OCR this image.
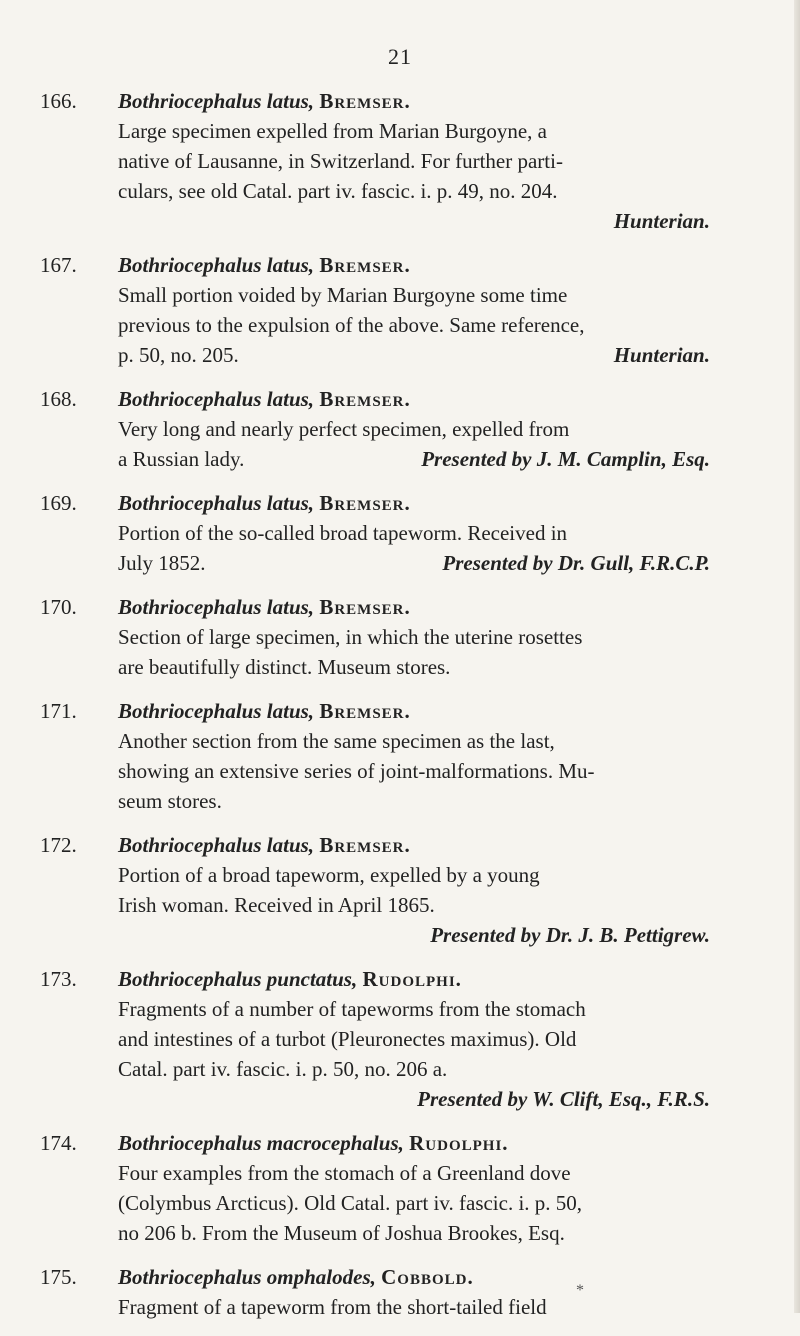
21
166. Bothriocephalus latus, Bremser.
Large specimen expelled from Marian Burgoyne, a
native of Lausanne, in Switzerland. For further parti-
culars, see old Catal. part iv. fascic. i. p. 49, no. 204.
Hunterian.
167. Bothriocephalus latus, Bremser.
Small portion voided by Marian Burgoyne some time
previous to the expulsion of the above. Same reference,
p. 50, no. 205.	Hunterian.
168. Bothriocephalus latus, Bremser.
Very long and nearly perfect specimen, expelled from
a Russian lady.	Presented by J. M. Camplin, Esq.
169. Bothriocephalus latus, Bremser.
Portion of the so-called broad tapeworm. Received in
July 1852.	Presented by Dr. Gull, F.R.C.P.
170. Bothriocephalus latus, Bremser.
Section of large specimen, in which the uterine rosettes
are beautifully distinct. Museum stores.
171. Bothriocephalus latus, Bremser.
Another section from the same specimen as the last,
showing an extensive series of joint-malformations. Mu-
seum stores.
172. Bothriocephalus latus, Bremser.
Portion of a broad tapeworm, expelled by a young
Irish woman. Received in April 1865.
Presented by Dr. J. B. Pettigrew.
173. Bothriocephalus punctatus, Rudolphi.
Fragments of a number of tapeworms from the stomach
and intestines of a turbot (Pleuronectes maximus). Old
Catal. part iv. fascic. i. p. 50, no. 206 a.
Presented by W. Clift, Esq., F.R.S.
174. Bothriocephalus macrocephalus, Rudolphi.
Four examples from the stomach of a Greenland dove
(Colymbus Arcticus). Old Catal. part iv. fascic. i. p. 50,
no 206 b. From the Museum of Joshua Brookes, Esq.
175. Bothriocephalus omphalodes, Cobbold.
Fragment of a tapeworm from the short-tailed field
*
